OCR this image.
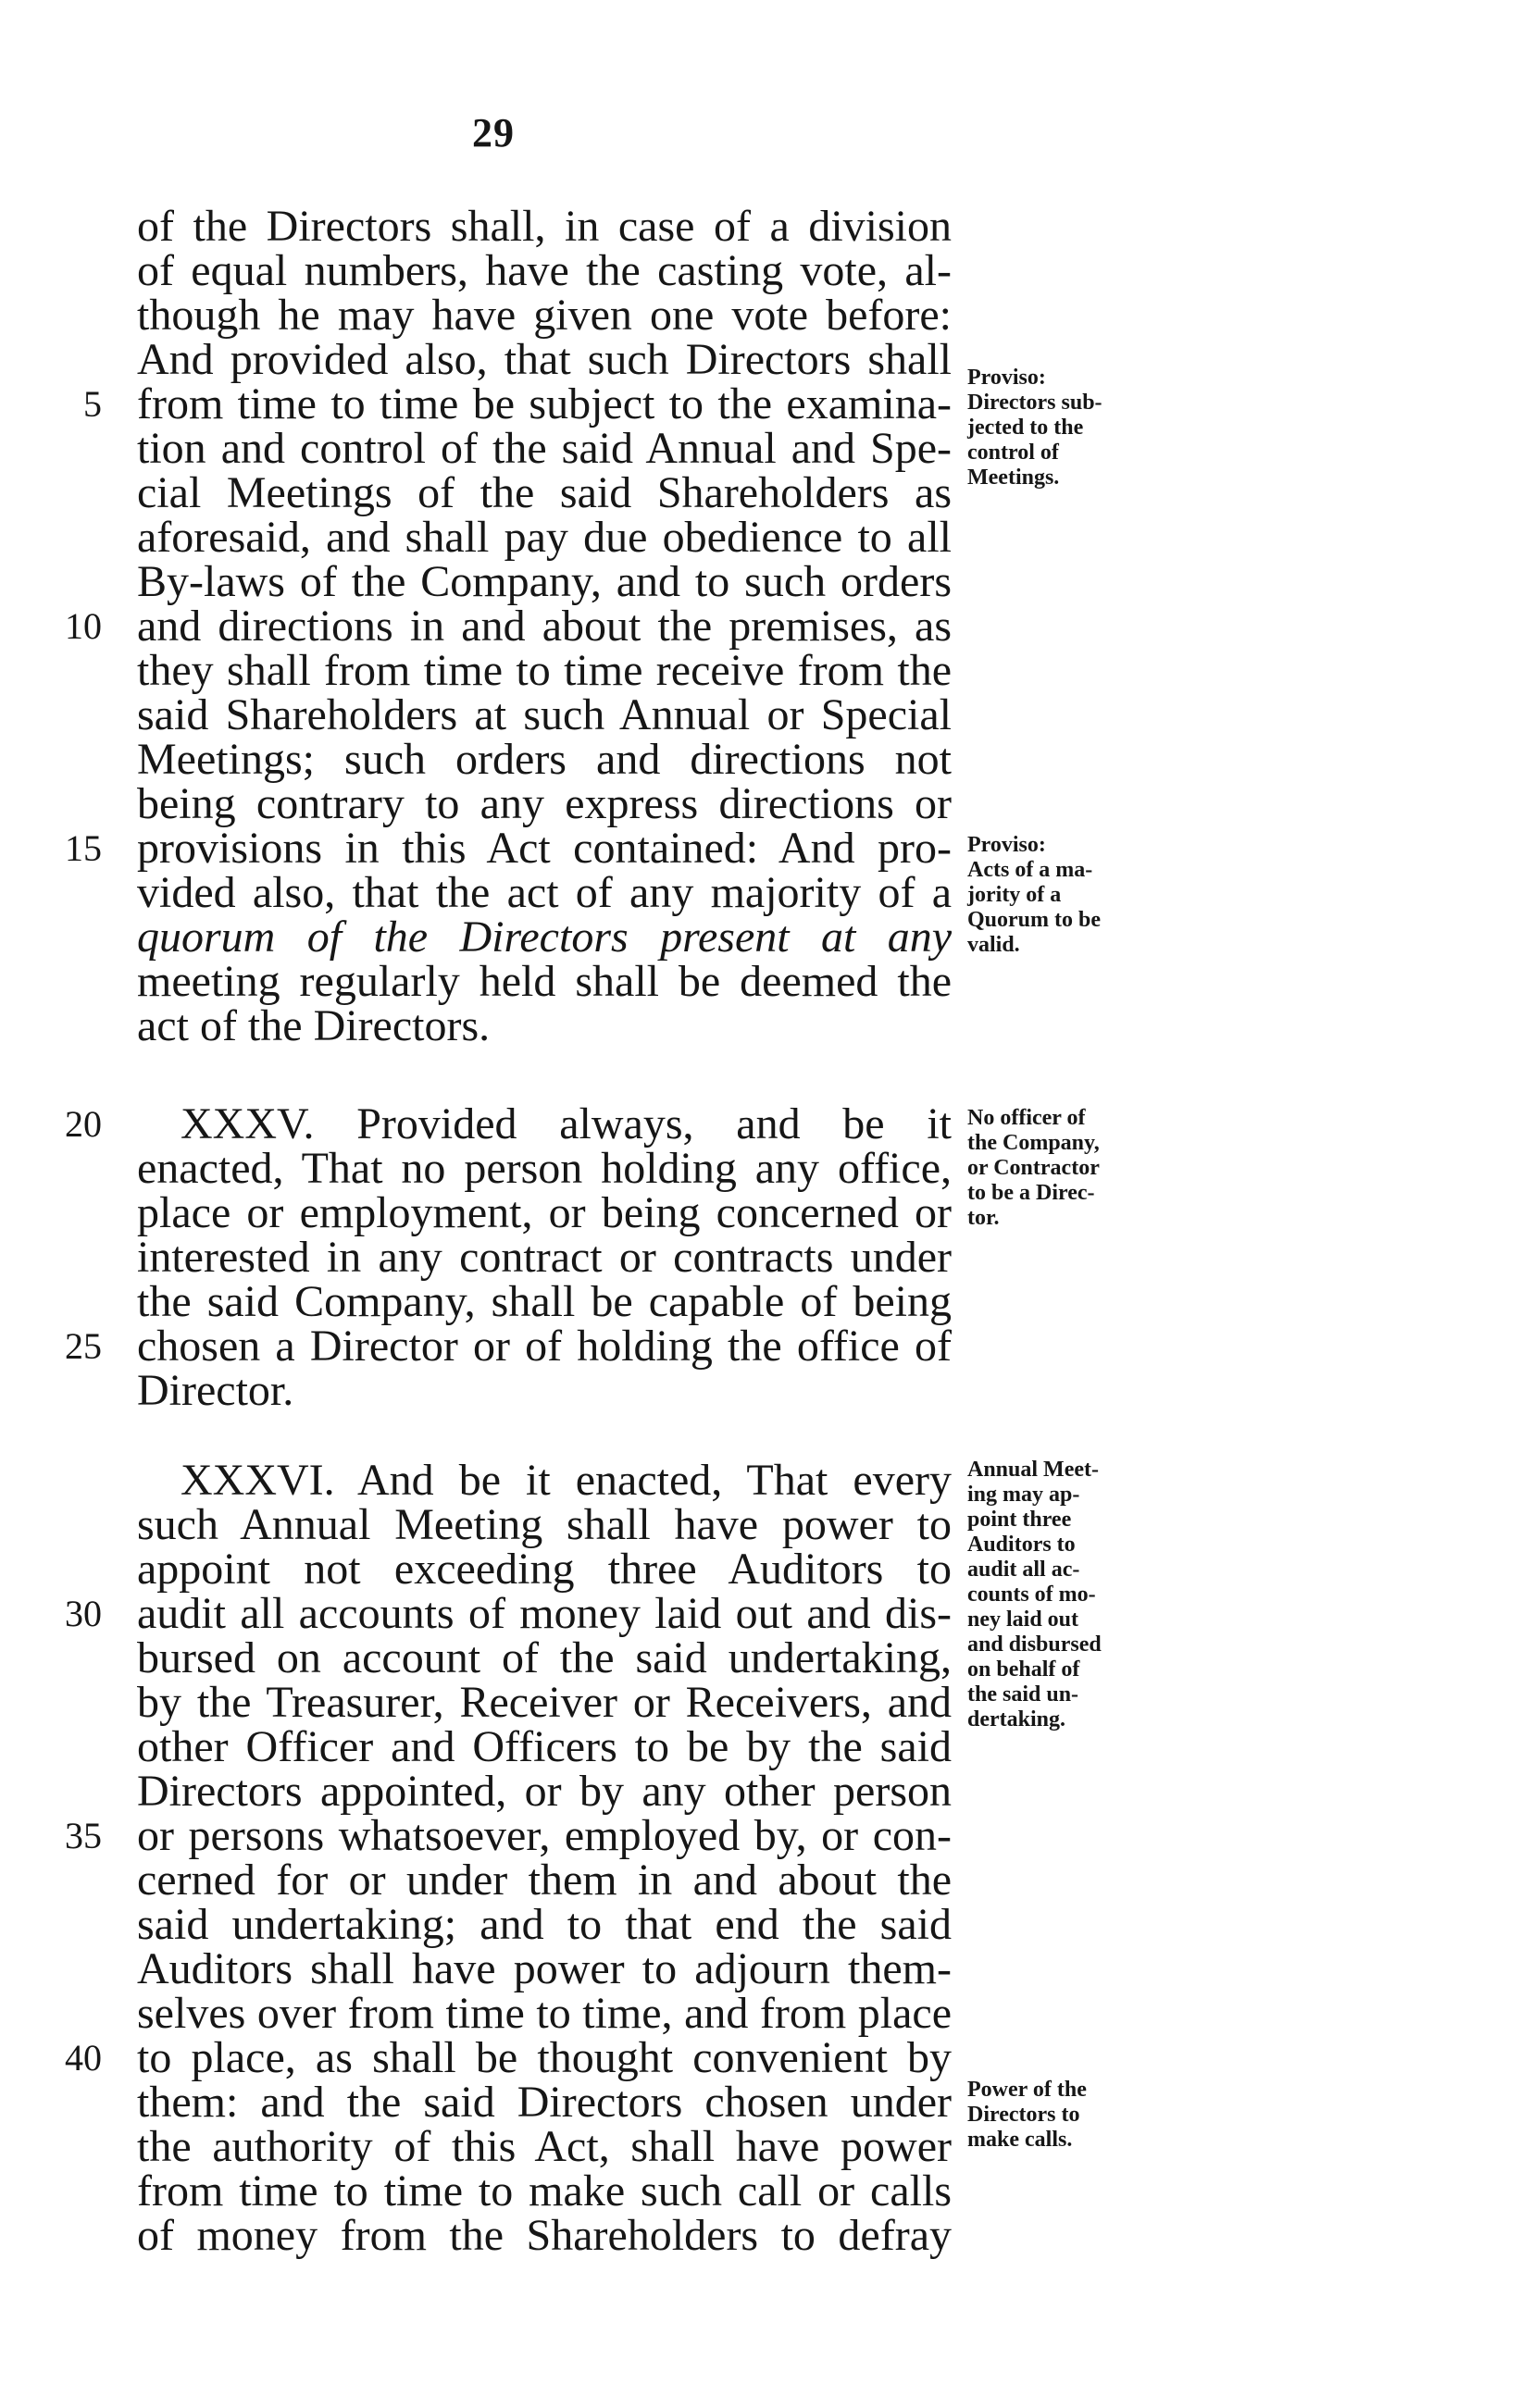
29
of the Directors shall, in case of a division
of equal numbers, have the casting vote, al-
though he may have given one vote before:
And provided also, that such Directors shall
5 from time to time be subject to the examina-
tion and control of the said Annual and Spe-
cial Meetings of the said Shareholders as
aforesaid, and shall pay due obedience to all
By-laws of the Company, and to such orders
10 and directions in and about the premises, as
they shall from time to time receive from the
said Shareholders at such Annual or Special
Meetings; such orders and directions not
being contrary to any express directions or
15 provisions in this Act contained: And pro-
vided also, that the act of any majority of a
quorum of the Directors present at any
meeting regularly held shall be deemed the
act of the Directors.
Proviso:
Directors sub-
jected to the
control of
Meetings.
Proviso:
Acts of a ma-
jority of a
Quorum to be
valid.
20 XXXV. Provided always, and be it
enacted, That no person holding any office,
place or employment, or being concerned or
interested in any contract or contracts under
the said Company, shall be capable of being
25 chosen a Director or of holding the office of
Director.
No officer of
the Company,
or Contractor
to be a Direc-
tor.
XXXVI. And be it enacted, That every
such Annual Meeting shall have power to
appoint not exceeding three Auditors to
30 audit all accounts of money laid out and dis-
bursed on account of the said undertaking,
by the Treasurer, Receiver or Receivers, and
other Officer and Officers to be by the said
Directors appointed, or by any other person
35 or persons whatsoever, employed by, or con-
cerned for or under them in and about the
said undertaking; and to that end the said
Auditors shall have power to adjourn them-
selves over from time to time, and from place
40 to place, as shall be thought convenient by
them: and the said Directors chosen under
the authority of this Act, shall have power
from time to time to make such call or calls
of money from the Shareholders to defray
Annual Meet-
ing may ap-
point three
Auditors to
audit all ac-
counts of mo-
ney laid out
and disbursed
on behalf of
the said un-
dertaking.
Power of the
Directors to
make calls.
